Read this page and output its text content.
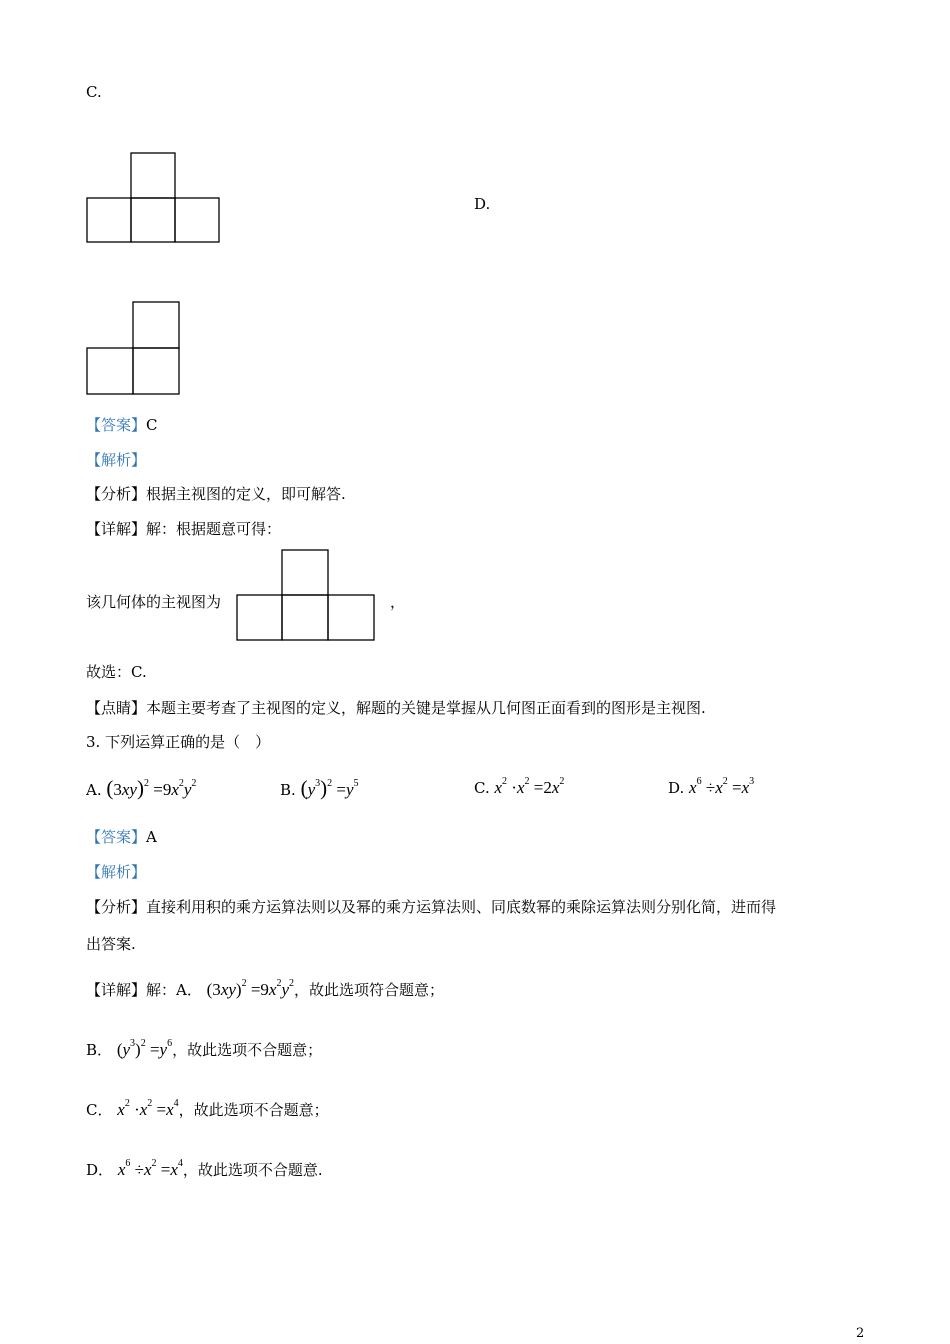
C.
D.
【答案】C
【解析】
【分析】根据主视图的定义，即可解答.
【详解】解：根据题意可得：
该几何体的主视图为	，
故选：C.
【点睛】本题主要考查了主视图的定义，解题的关键是掌握从几何图正面看到的图形是主视图.
3. 下列运算正确的是（　）
A. $(3xy)^2 =9x^2y^2$	B. $(y^3)^2 =y^5$	C. $x^2 \cdot x^2 =2x^2$	D. $x^6 \div x^2 =x^3$
【答案】A
【解析】
【分析】直接利用积的乘方运算法则以及幂的乘方运算法则、同底数幂的乘除运算法则分别化简，进而得
出答案.
【详解】解：A． $(3xy)^2 =9x^2y^2$，故此选项符合题意；
B． $(y^3)^2 =y^6$，故此选项不合题意；
C． $x^2 \cdot x^2 =x^4$，故此选项不合题意；
D． $x^6 \div x^2 =x^4$，故此选项不合题意.
2
